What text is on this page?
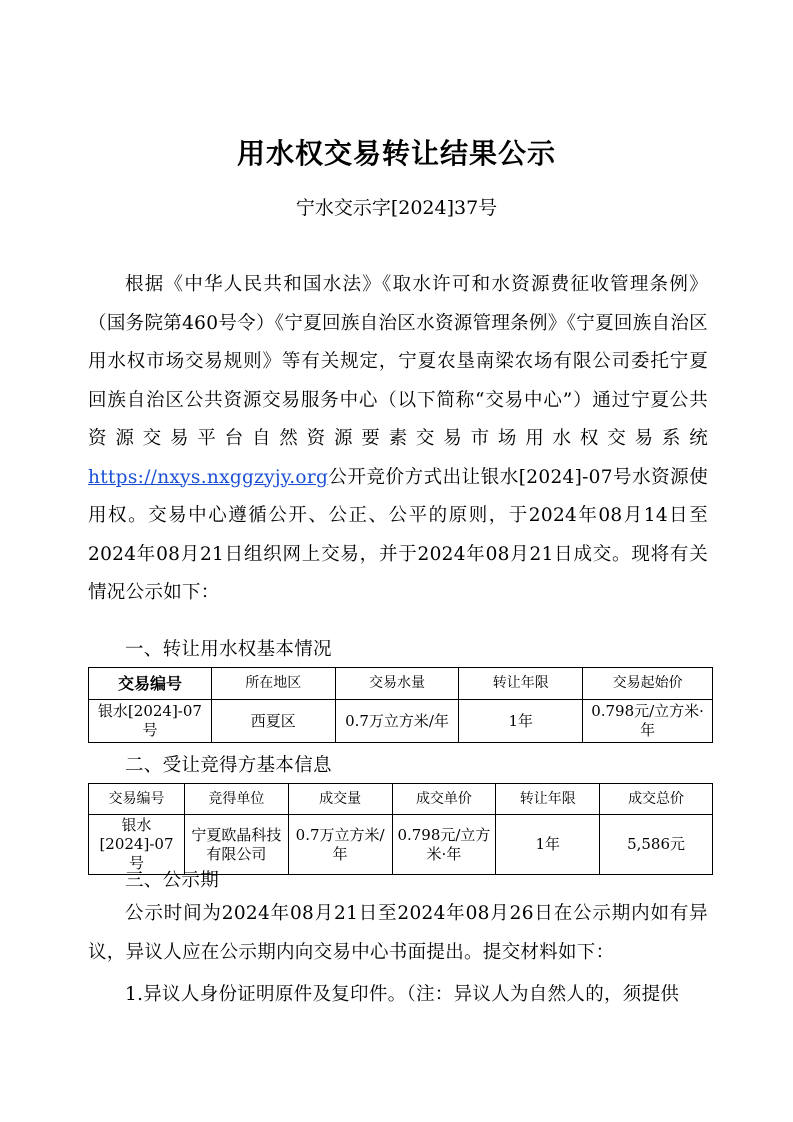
用水权交易转让结果公示
宁水交示字[2024]37号
根据《中华人民共和国水法》《取水许可和水资源费征收管理条例》（国务院第460号令）《宁夏回族自治区水资源管理条例》《宁夏回族自治区用水权市场交易规则》等有关规定，宁夏农垦南梁农场有限公司委托宁夏回族自治区公共资源交易服务中心（以下简称“交易中心”）通过宁夏公共资源交易平台自然资源要素交易市场用水权交易系统https://nxys.nxggzyjy.org公开竞价方式出让银水[2024]-07号水资源使用权。交易中心遵循公开、公正、公平的原则，于2024年08月14日至2024年08月21日组织网上交易，并于2024年08月21日成交。现将有关情况公示如下：
一、转让用水权基本情况
交易编号	所在地区	交易水量	转让年限	交易起始价
银水[2024]-07号	西夏区	0.7万立方米/年	1年	0.798元/立方米·年
二、受让竞得方基本信息
交易编号	竞得单位	成交量	成交单价	转让年限	成交总价
银水[2024]-07号	宁夏欧晶科技有限公司	0.7万立方米/年	0.798元/立方米·年	1年	5,586元
三、公示期
公示时间为2024年08月21日至2024年08月26日在公示期内如有异议，异议人应在公示期内向交易中心书面提出。提交材料如下：
1.异议人身份证明原件及复印件。（注：异议人为自然人的，须提供
